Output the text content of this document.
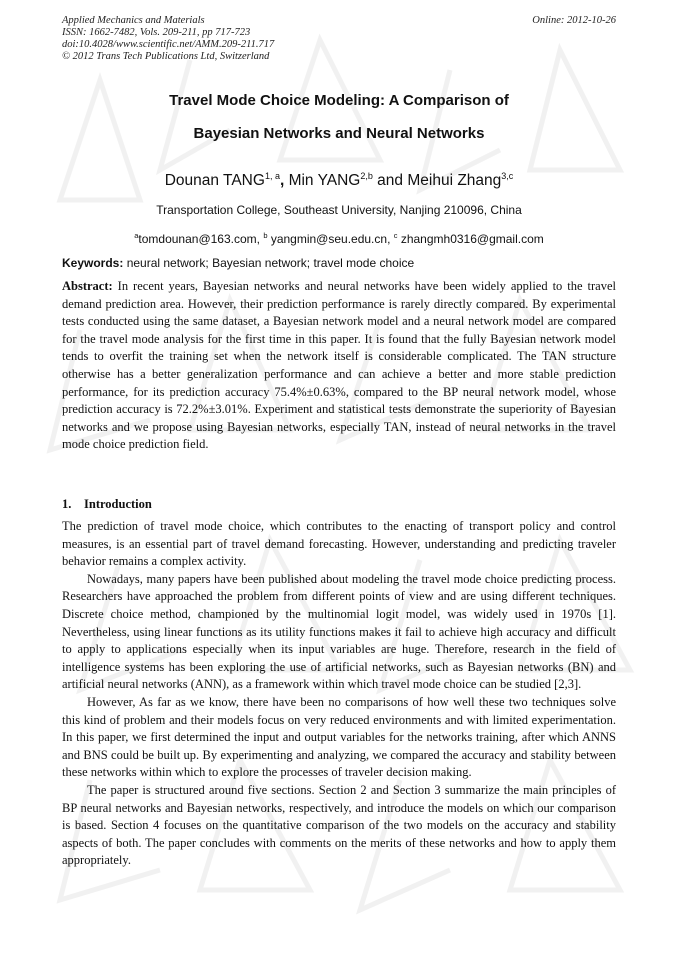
Applied Mechanics and Materials
ISSN: 1662-7482, Vols. 209-211, pp 717-723
doi:10.4028/www.scientific.net/AMM.209-211.717
© 2012 Trans Tech Publications Ltd, Switzerland
Online: 2012-10-26
Travel Mode Choice Modeling: A Comparison of
Bayesian Networks and Neural Networks
Dounan TANG$^{1, a}$, Min YANG$^{2,b}$ and Meihui Zhang$^{3,c}$
Transportation College, Southeast University, Nanjing 210096, China
$^a$tomdounan@163.com, $^b$ yangmin@seu.edu.cn, $^c$ zhangmh0316@gmail.com
Keywords: neural network; Bayesian network; travel mode choice
Abstract: In recent years, Bayesian networks and neural networks have been widely applied to the travel demand prediction area. However, their prediction performance is rarely directly compared. By experimental tests conducted using the same dataset, a Bayesian network model and a neural network model are compared for the travel mode analysis for the first time in this paper. It is found that the fully Bayesian network model tends to overfit the training set when the network itself is considerable complicated. The TAN structure otherwise has a better generalization performance and can achieve a better and more stable prediction performance, for its prediction accuracy 75.4%±0.63%, compared to the BP neural network model, whose prediction accuracy is 72.2%±3.01%. Experiment and statistical tests demonstrate the superiority of Bayesian networks and we propose using Bayesian networks, especially TAN, instead of neural networks in the travel mode choice prediction field.
1. Introduction

The prediction of travel mode choice, which contributes to the enacting of transport policy and control measures, is an essential part of travel demand forecasting. However, understanding and predicting traveler behavior remains a complex activity.

Nowadays, many papers have been published about modeling the travel mode choice predicting process. Researchers have approached the problem from different points of view and are using different techniques. Discrete choice method, championed by the multinomial logit model, was widely used in 1970s [1]. Nevertheless, using linear functions as its utility functions makes it fail to achieve high accuracy and difficult to apply to applications especially when its input variables are huge. Therefore, research in the field of intelligence systems has been exploring the use of artificial networks, such as Bayesian networks (BN) and artificial neural networks (ANN), as a framework within which travel mode choice can be studied [2,3].

However, As far as we know, there have been no comparisons of how well these two techniques solve this kind of problem and their models focus on very reduced environments and with limited experimentation. In this paper, we first determined the input and output variables for the networks training, after which ANNS and BNS could be built up. By experimenting and analyzing, we compared the accuracy and stability between these networks within which to explore the processes of traveler decision making.

The paper is structured around five sections. Section 2 and Section 3 summarize the main principles of BP neural networks and Bayesian networks, respectively, and introduce the models on which our comparison is based. Section 4 focuses on the quantitative comparison of the two models on the accuracy and stability aspects of both. The paper concludes with comments on the merits of these networks and how to apply them appropriately.
